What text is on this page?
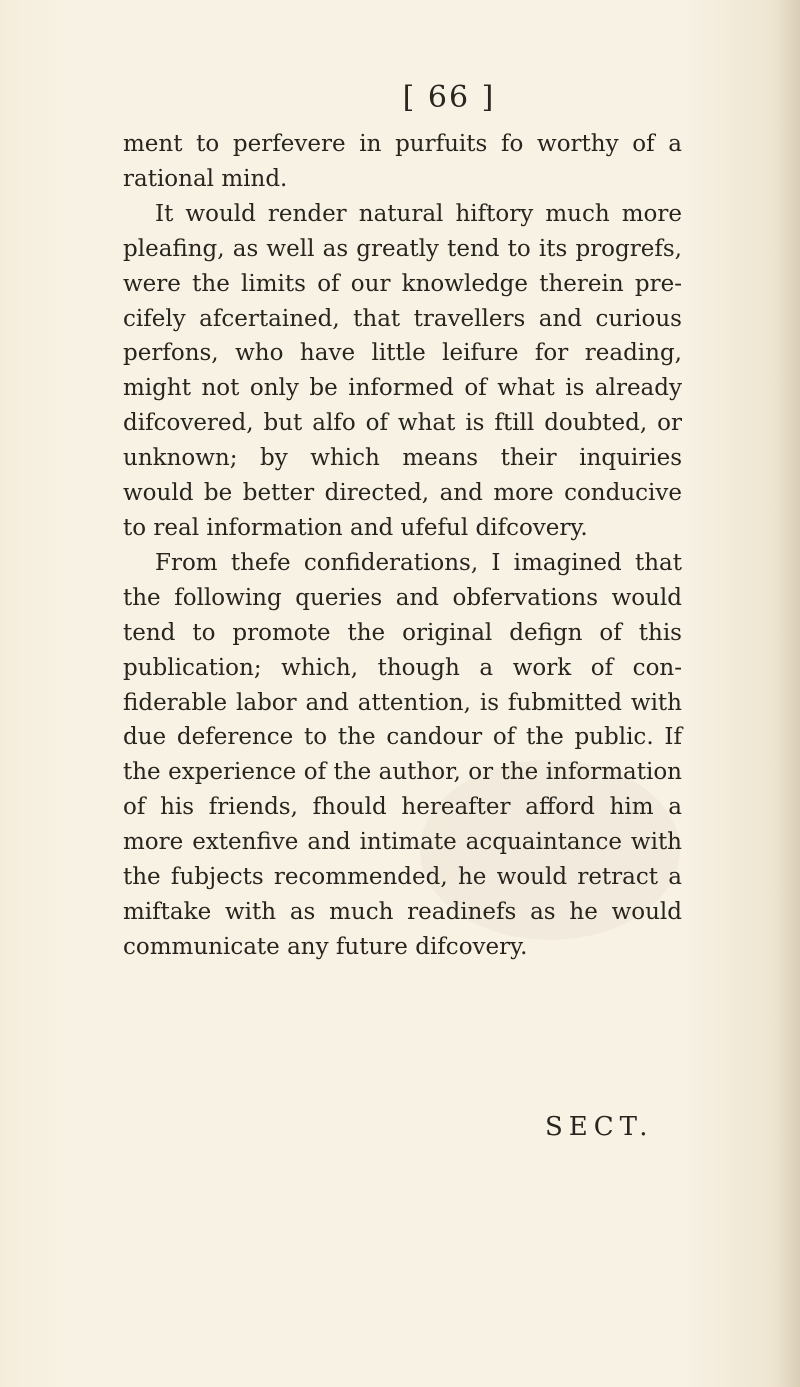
[ 66 ]

ment to perfevere in purfuits fo worthy of a rational mind.

It would render natural hiftory much more pleafing, as well as greatly tend to its progrefs, were the limits of our knowledge therein pre-cifely afcertained, that travellers and curious perfons, who have little leifure for reading, might not only be informed of what is already difcovered, but alfo of what is ftill doubted, or unknown; by which means their inquiries would be better directed, and more conducive to real information and ufeful difcovery.

From thefe confiderations, I imagined that the following queries and obfervations would tend to promote the original defign of this publication; which, though a work of con-fiderable labor and attention, is fubmitted with due deference to the candour of the public. If the experience of the author, or the information of his friends, fhould hereafter afford him a more extenfive and intimate acquaintance with the fubjects recommended, he would retract a miftake with as much readinefs as he would communicate any future difcovery.

SECT.
